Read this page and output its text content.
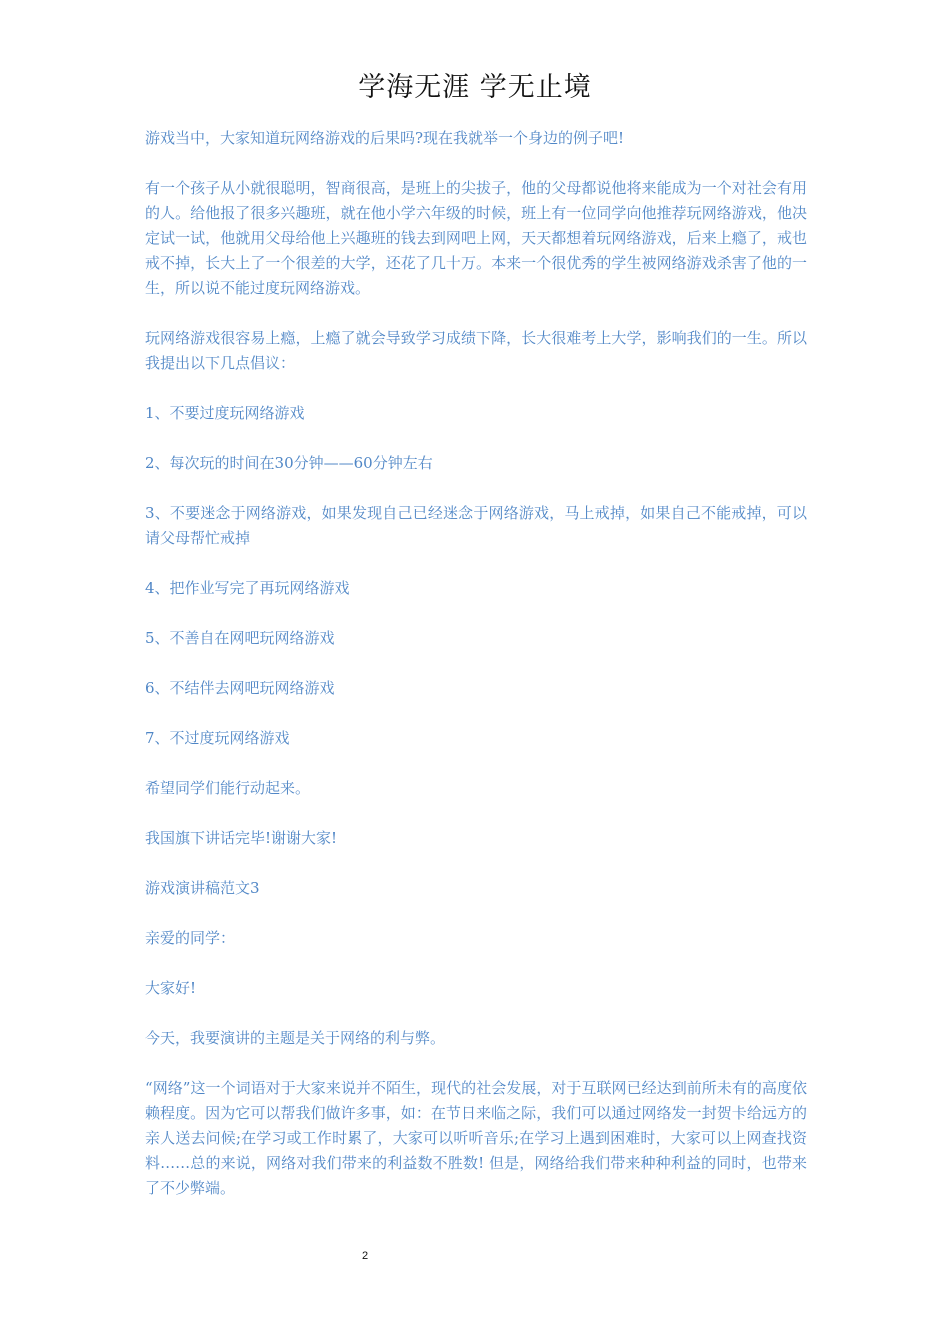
学海无涯 学无止境

游戏当中，大家知道玩网络游戏的后果吗?现在我就举一个身边的例子吧!

有一个孩子从小就很聪明，智商很高，是班上的尖拔子，他的父母都说他将来能成为一个对社会有用的人。给他报了很多兴趣班，就在他小学六年级的时候，班上有一位同学向他推荐玩网络游戏，他决定试一试，他就用父母给他上兴趣班的钱去到网吧上网，天天都想着玩网络游戏，后来上瘾了，戒也戒不掉，长大上了一个很差的大学，还花了几十万。本来一个很优秀的学生被网络游戏杀害了他的一生，所以说不能过度玩网络游戏。

玩网络游戏很容易上瘾，上瘾了就会导致学习成绩下降，长大很难考上大学，影响我们的一生。所以我提出以下几点倡议：

1、不要过度玩网络游戏

2、每次玩的时间在30分钟——60分钟左右

3、不要迷念于网络游戏，如果发现自己已经迷念于网络游戏，马上戒掉，如果自己不能戒掉，可以请父母帮忙戒掉

4、把作业写完了再玩网络游戏

5、不善自在网吧玩网络游戏

6、不结伴去网吧玩网络游戏

7、不过度玩网络游戏

希望同学们能行动起来。

我国旗下讲话完毕!谢谢大家!

游戏演讲稿范文3

亲爱的同学：

大家好!

今天，我要演讲的主题是关于网络的利与弊。

“网络”这一个词语对于大家来说并不陌生，现代的社会发展，对于互联网已经达到前所未有的高度依赖程度。因为它可以帮我们做许多事，如：在节日来临之际，我们可以通过网络发一封贺卡给远方的亲人送去问候;在学习或工作时累了，大家可以听听音乐;在学习上遇到困难时，大家可以上网查找资料……总的来说，网络对我们带来的利益数不胜数! 但是，网络给我们带来种种利益的同时，也带来了不少弊端。

2
